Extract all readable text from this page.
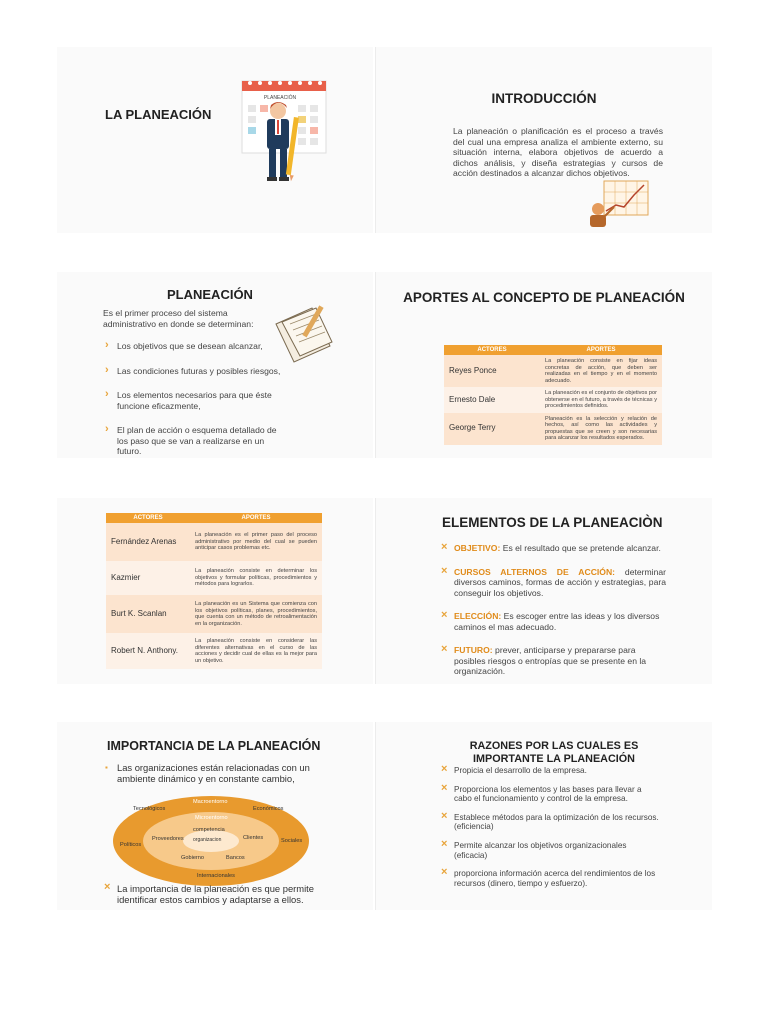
LA PLANEACIÓN
PLANEACIÓN	INTRODUCCIÓN
La planeación o planificación es el proceso a través del cual una empresa analiza el ambiente externo, su situación interna, elabora objetivos de acuerdo a dichos análisis, y diseña estrategias y cursos de acción destinados a alcanzar dichos objetivos.
PLANEACIÓN
Es el primer proceso del sistema administrativo en donde se determinan:
› Los objetivos que se desean alcanzar,
› Las condiciones futuras y posibles riesgos,
› Los elementos necesarios para que éste funcione eficazmente,
› El plan de acción o esquema detallado de los paso que se van a realizarse en un futuro.
APORTES AL CONCEPTO DE PLANEACIÓN
ACTORES	APORTES
Reyes Ponce	La planeación consiste en fijar ideas concretas de acción, que deben ser realizadas en el tiempo y en el momento adecuado.
Ernesto Dale	La planeación es el conjunto de objetivos por obtenerse en el futuro, a través de técnicas y procedimientos definidos.
George Terry	Planeación es la selección y relación de hechos, así como las actividades y propuestas que se creen y son necesarias para alcanzar los resultados esperados.
ACTORES	APORTES
Fernández Arenas	La planeación es el primer paso del proceso administrativo por medio del cual se pueden anticipar casos problemas etc.
Kazmier	La planeación consiste en determinar los objetivos y formular políticas, procedimientos y métodos para lograrlos.
Burt K. Scanlan	La planeación es un Sistema que comienza con los objetivos políticas, planes, procedimientos, que cuenta con un método de retroalimentación en la organización.
Robert N. Anthony.	La planeación consiste en considerar las diferentes alternativas en el curso de las acciones y decidir cual de ellas es la mejor para un objetivo.
ELEMENTOS DE LA PLANEACIÒN
× OBJETIVO: Es el resultado que se pretende alcanzar.
× CURSOS ALTERNOS DE ACCIÓN: determinar diversos caminos, formas de acción y estrategias, para conseguir los objetivos.
× ELECCIÓN: Es escoger entre las ideas y los diversos caminos el mas adecuado.
× FUTURO: prever, anticiparse y prepararse para posibles riesgos o entropías que se presente en la organización.
IMPORTANCIA DE LA PLANEACIÓN
▪ Las organizaciones están relacionadas con un ambiente dinámico y en constante cambio,
Macroentorno
Microentorno
organizacion
Tecnológicos	Económicos
Políticos
Sociales
Internacionales
competencia
Proveedores	Clientes
Gobierno	Bancos
× La importancia de la planeación es que permite identificar estos cambios y adaptarse a ellos.
RAZONES POR LAS CUALES ES IMPORTANTE LA PLANEACIÓN
× Propicia el desarrollo de la empresa.
× Proporciona los elementos y las bases para llevar a cabo el funcionamiento y control de la empresa.
× Establece métodos para la optimización de los recursos. (eficiencia)
× Permite alcanzar los objetivos organizacionales (eficacia)
× proporciona información acerca del rendimientos de los recursos (dinero, tiempo y esfuerzo).
